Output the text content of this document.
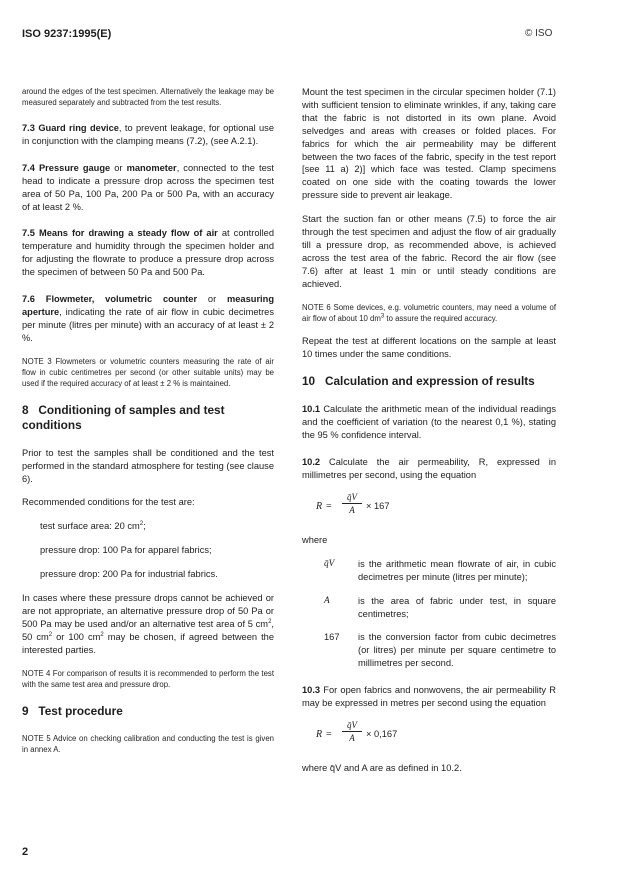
ISO 9237:1995(E)	© ISO

around the edges of the test specimen. Alternatively the leakage may be measured separately and subtracted from the test results.

7.3 Guard ring device, to prevent leakage, for optional use in conjunction with the clamping means (7.2), (see A.2.1).

7.4 Pressure gauge or manometer, connected to the test head to indicate a pressure drop across the specimen test area of 50 Pa, 100 Pa, 200 Pa or 500 Pa, with an accuracy of at least 2 %.

7.5 Means for drawing a steady flow of air at controlled temperature and humidity through the specimen holder and for adjusting the flowrate to produce a pressure drop across the specimen of between 50 Pa and 500 Pa.

7.6 Flowmeter, volumetric counter or measuring aperture, indicating the rate of air flow in cubic decimetres per minute (litres per minute) with an accuracy of at least ± 2 %.

NOTE 3 Flowmeters or volumetric counters measuring the rate of air flow in cubic centimetres per second (or other suitable units) may be used if the required accuracy of at least ± 2 % is maintained.

8 Conditioning of samples and test conditions

Prior to test the samples shall be conditioned and the test performed in the standard atmosphere for testing (see clause 6).

Recommended conditions for the test are:

test surface area: 20 $cm^2$;

pressure drop: 100 Pa for apparel fabrics;

pressure drop: 200 Pa for industrial fabrics.

In cases where these pressure drops cannot be achieved or are not appropriate, an alternative pressure drop of 50 Pa or 500 Pa may be used and/or an alternative test area of 5 $cm^2$, 50 $cm^2$ or 100 $cm^2$ may be chosen, if agreed between the interested parties.

NOTE 4 For comparison of results it is recommended to perform the test with the same test area and pressure drop.

9 Test procedure

NOTE 5 Advice on checking calibration and conducting the test is given in annex A.

Mount the test specimen in the circular specimen holder (7.1) with sufficient tension to eliminate wrinkles, if any, taking care that the fabric is not distorted in its own plane. Avoid selvedges and areas with creases or folded places. For fabrics for which the air permeability may be different between the two faces of the fabric, specify in the test report [see 11 a) 2)] which face was tested. Clamp specimens coated on one side with the coating towards the lower pressure side to prevent air leakage.

Start the suction fan or other means (7.5) to force the air through the test specimen and adjust the flow of air gradually till a pressure drop, as recommended above, is achieved across the test area of the fabric. Record the air flow (see 7.6) after at least 1 min or until steady conditions are achieved.

NOTE 6 Some devices, e.g. volumetric counters, may need a volume of air flow of about 10 $dm^3$ to assure the required accuracy.

Repeat the test at different locations on the sample at least 10 times under the same conditions.

10 Calculation and expression of results

10.1 Calculate the arithmetic mean of the individual readings and the coefficient of variation (to the nearest 0,1 %), stating the 95 % confidence interval.

10.2 Calculate the air permeability, R, expressed in millimetres per second, using the equation

$R = \frac{q̄V}{A} \times 167$

where

q̄V	is the arithmetic mean flowrate of air, in cubic decimetres per minute (litres per minute);
A	is the area of fabric under test, in square centimetres;
167	is the conversion factor from cubic decimetres (or litres) per minute per square centimetre to millimetres per second.

10.3 For open fabrics and nonwovens, the air permeability R may be expressed in metres per second using the equation

$R = \frac{q̄V}{A} \times 0,167$

where q̄V and A are as defined in 10.2.

2
